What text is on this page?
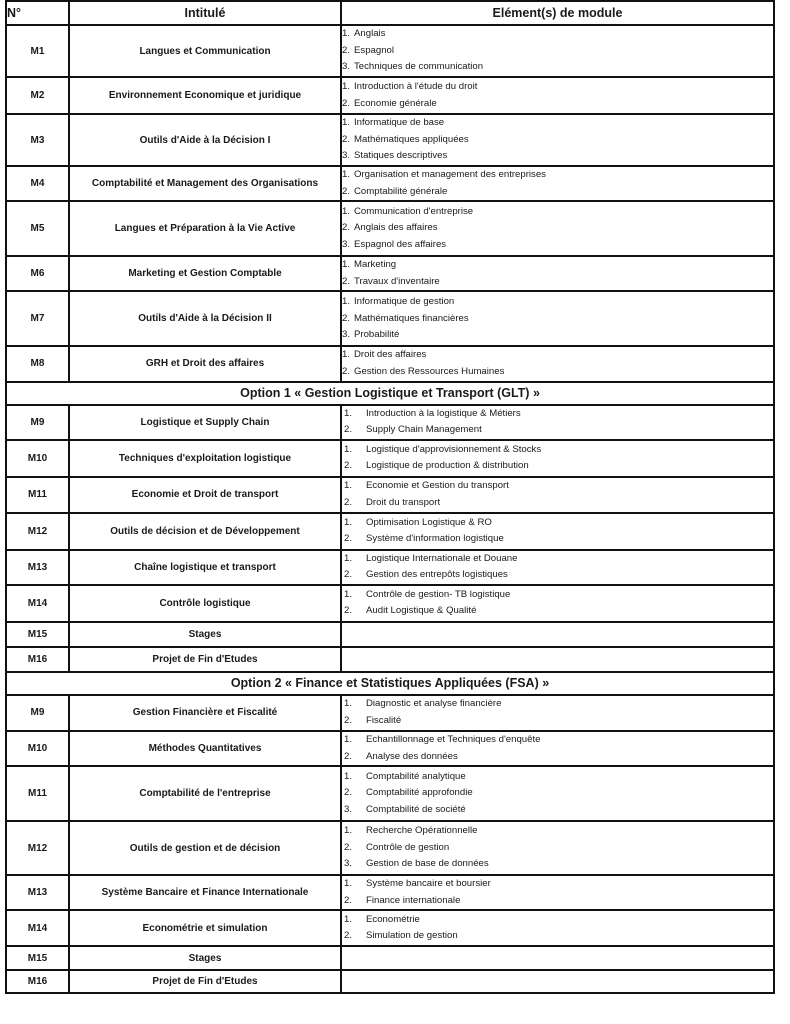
N°	Intitulé	Elément(s) de module
M1	Langues et Communication	
1. Anglais
2. Espagnol
3. Techniques de communication

M2	Environnement Economique et juridique	
1. Introduction à l'étude du droit
2. Economie générale

M3	Outils d'Aide à la Décision I	
1. Informatique de base
2. Mathématiques appliquées
3. Statiques descriptives

M4	Comptabilité et Management des Organisations	
1. Organisation et management des entreprises
2. Comptabilité générale

M5	Langues et Préparation à la Vie Active	
1. Communication d'entreprise
2. Anglais des affaires
3. Espagnol des affaires

M6	Marketing et Gestion Comptable	
1. Marketing
2. Travaux d'inventaire

M7	Outils d'Aide à la Décision II	
1. Informatique de gestion
2. Mathématiques financières
3. Probabilité

M8	GRH et Droit des affaires	
1. Droit des affaires
2. Gestion des Ressources Humaines

Option 1 « Gestion Logistique et Transport (GLT) »		
M9	Logistique et Supply Chain	
1. Introduction à la logistique & Métiers
2. Supply Chain Management

M10	Techniques d'exploitation logistique	
1. Logistique d'approvisionnement & Stocks
2. Logistique de production & distribution

M11	Economie et Droit de transport	
1. Economie et Gestion du transport
2. Droit du transport

M12	Outils de décision et de Développement	
1. Optimisation Logistique & RO
2. Système d'information logistique

M13	Chaîne logistique et transport	
1. Logistique Internationale et Douane
2. Gestion des entrepôts logistiques

M14	Contrôle logistique	
1. Contrôle de gestion- TB logistique
2. Audit Logistique & Qualité

M15	Stages	

M16	Projet de Fin d'Etudes	

Option 2 « Finance et Statistiques Appliquées (FSA) »		
M9	Gestion Financière et Fiscalité	
1. Diagnostic et analyse financière
2. Fiscalité

M10	Méthodes Quantitatives	
1. Echantillonnage et Techniques d'enquête
2. Analyse des données

M11	Comptabilité de l'entreprise	
1. Comptabilité analytique
2. Comptabilité approfondie
3. Comptabilité de société

M12	Outils de gestion et de décision	
1. Recherche Opérationnelle
2. Contrôle de gestion
3. Gestion de base de données

M13	Système Bancaire et Finance Internationale	
1. Système bancaire et boursier
2. Finance internationale

M14	Econométrie et simulation	
1. Econométrie
2. Simulation de gestion

M15	Stages	

M16	Projet de Fin d'Etudes	
